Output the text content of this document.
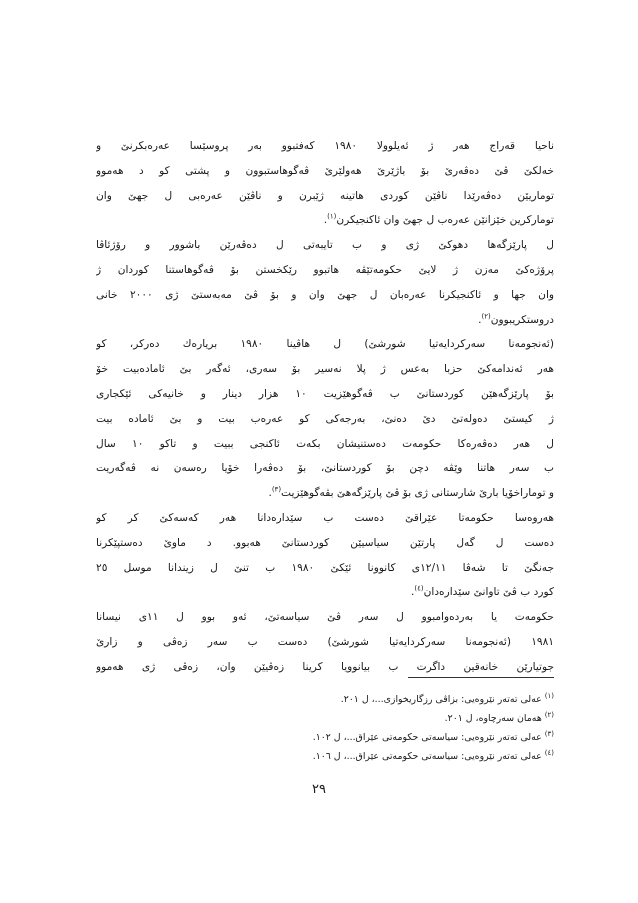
ناحیا قەراج هەر ژ ئەیلوولا ١٩٨٠ کەفتبوو بەر پروسێسا عەرەبکرنێ و
خەلکێ ڤێ دەڤەرێ بۆ باژێرێ هەولێرێ ڤەگوهاستبوون و پشتی کو د هەموو
توماریێن دەڤەرێدا ناڤێن کوردی هاتینە ژێبرن و ناڤێن عەرەبی ل جهێ وان
توماركرین خێزانێن عەرەب ل جهێ وان ئاکنجیکرن$^{(١)}$.
ل پارێزگەها دهوکێ ژی و ب تایبەتی ل دەڤەرێن باشوور و رۆژئاڤا
پرۆژەکێ مەزن ژ لایێ حکومەتێڤە هاتبوو رێکخستن بۆ ڤەگوهاستنا کوردان ژ
وان جها و ئاکنجیکرنا عەرەبان ل جهێ وان و بۆ ڤێ مەبەستێ ژی ٢٠٠٠ خانی
دروستکریبوون$^{(٢)}$.
(ئەنجومەنا سەرکردایەتیا شورشێ) ل هاڤینا ١٩٨٠ بریارەك دەرکر، کو
هەر ئەندامەکێ حزبا بەعس ژ پلا نەسیر بۆ سەری، ئەگەر بێ ئامادەبیت خۆ
بۆ پارێزگەهێن کوردستانێ ب ڤەگوهێزیت ١٠ هزار دینار و خانیەکی ئێکجاری
ژ کیستێ دەولەتێ دێ دەنێ، بەرجەکی کو عەرەب بیت و بێ ئامادە بیت
ل هەر دەڤەرەکا حکومەت دەستنیشان بکەت ئاکنجی ببیت و تاکو ١٠ سال
ب سەر هاتنا وێڤە دچن بۆ کوردستانێ، بۆ دەڤەرا خۆیا رەسەن نە ڤەگەریت
و توماراخۆیا بارێ شارستانی ژی بۆ ڤێ پارێزگەهێ بڤەگوهێزیت$^{(٣)}$.
هەروەسا حکومەتا عێراقێ دەست ب سێدارەدانا هەر کەسەکێ کر کو
دەست ل گەل پارتێن سیاسیێن کوردستانێ هەبوو. د ماوێ دەستپێکرنا
جەنگێ تا شەڤا ١٢/١١ی کانوونا ئێکێ ١٩٨٠ ب تنێ ل زیندانا موسل ٢٥
کورد ب ڤێ تاوانێ سێدارەدان$^{(٤)}$.
حکومەت یا بەردەوامبوو ل سەر ڤێ سیاسەتێ، ئەو بوو ل ١١ی نیسانا
١٩٨١ (ئەنجومەنا سەرکردایەتیا شورشێ) دەست ب سەر زەڤی و زارێ
جوتیارێن خانەقین داگرت ب بیانوویا کرینا زەڤیێن وان، زەڤی ژی هەموو
$^{(١)}$ عەلی تەتەر نێروەیی: بزاڤی رزگاریخوازی...، ل ٢٠١.
$^{(٢)}$ هەمان سەرچاوە، ل ٢٠١.
$^{(٣)}$ عەلی تەتەر نێروەیی: سیاسەتی حکومەتی عێراق...، ل ١٠٢.
$^{(٤)}$ عەلی تەتەر نێروەیی: سیاسەتی حکومەتی عێراق...، ل ١٠٦.
٢٩
